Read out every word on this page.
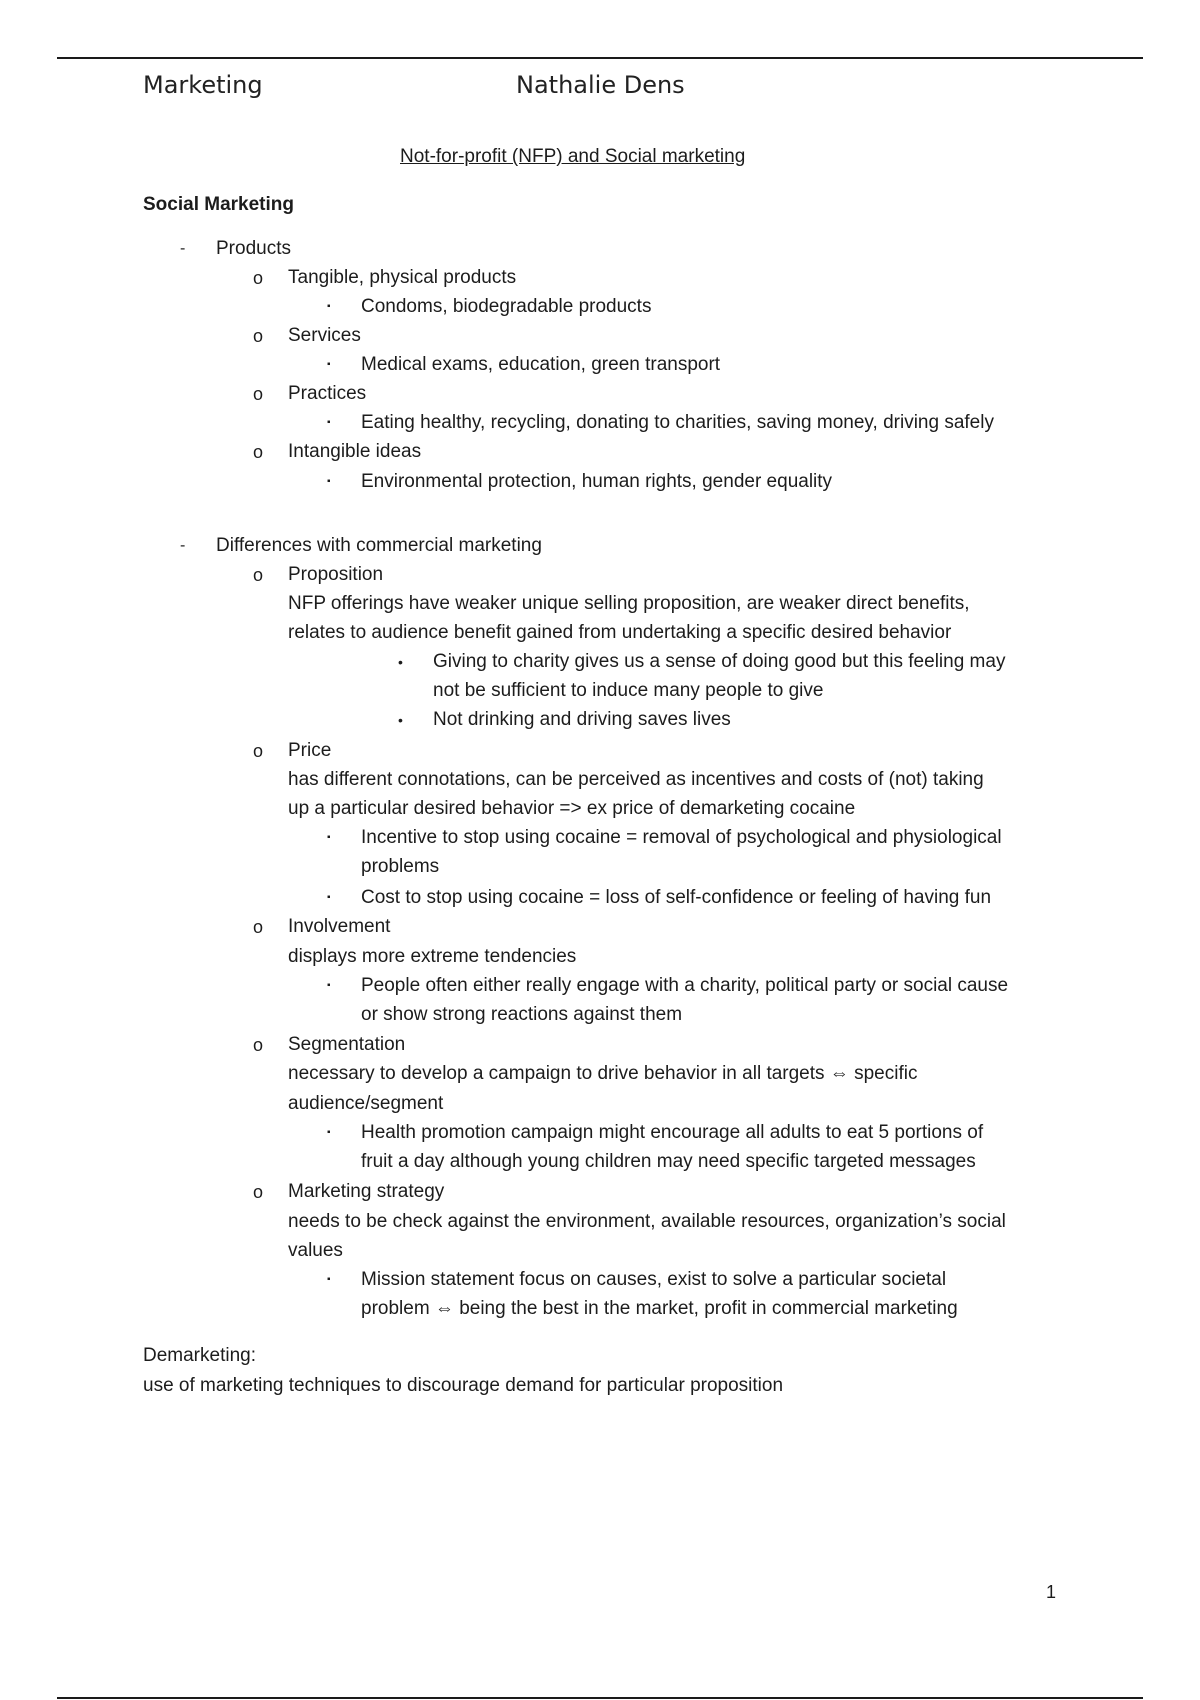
Marketing	Nathalie Dens
Not-for-profit (NFP) and Social marketing
Social Marketing
- Products
o Tangible, physical products
▪ Condoms, biodegradable products
o Services
▪ Medical exams, education, green transport
o Practices
▪ Eating healthy, recycling, donating to charities, saving money, driving safely
o Intangible ideas
▪ Environmental protection, human rights, gender equality
- Differences with commercial marketing
o Proposition
NFP offerings have weaker unique selling proposition, are weaker direct benefits,
relates to audience benefit gained from undertaking a specific desired behavior
• Giving to charity gives us a sense of doing good but this feeling may
not be sufficient to induce many people to give
• Not drinking and driving saves lives
o Price
has different connotations, can be perceived as incentives and costs of (not) taking
up a particular desired behavior => ex price of demarketing cocaine
▪ Incentive to stop using cocaine = removal of psychological and physiological
problems
▪ Cost to stop using cocaine = loss of self-confidence or feeling of having fun
o Involvement
displays more extreme tendencies
▪ People often either really engage with a charity, political party or social cause
or show strong reactions against them
o Segmentation
necessary to develop a campaign to drive behavior in all targets ⇔ specific
audience/segment
▪ Health promotion campaign might encourage all adults to eat 5 portions of
fruit a day although young children may need specific targeted messages
o Marketing strategy
needs to be check against the environment, available resources, organization’s social
values
▪ Mission statement focus on causes, exist to solve a particular societal
problem ⇔ being the best in the market, profit in commercial marketing
Demarketing:
use of marketing techniques to discourage demand for particular proposition
1
